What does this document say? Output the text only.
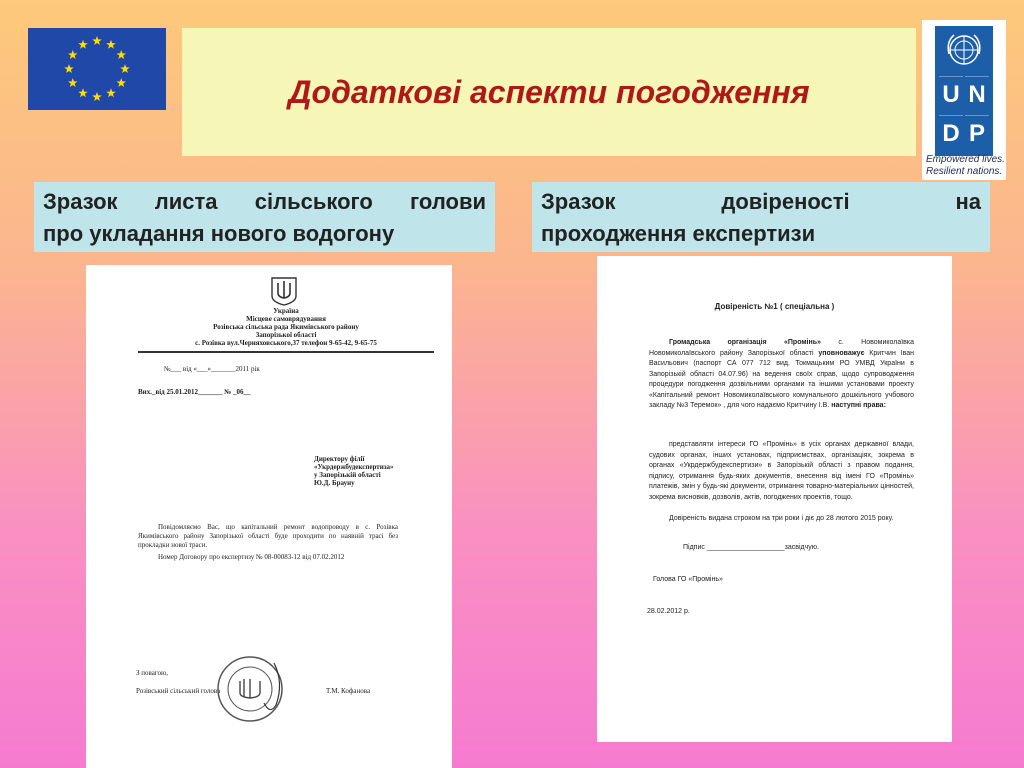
Додаткові аспекти погодження	U N
D P
Empowered lives.
Resilient nations.
Зразок листа сільського голови
про укладання нового водогону
Зразок довіреності на
проходження експертизи

Україна

Місцеве самоврядування

Розівська сільська рада Якимівського району

Запорізької області

с. Розівка вул.Черняховського,37 телефон 9-65-42, 9-65-75

№___ від «___»_______2011 рік

Вих._від 25.01.2012_______ № _06__

Директору філії

«Укрдержбудекспертиза»

у Запорізькій області

Ю.Д. Брауну

Повідомляємо Вас, що капітальний ремонт водопроводу в с. Розівка Якимівського району Запорізької області буде проходити по наявній трасі без прокладки нової траси.

Номер Договору про експертизу № 08-00083-12 від 07.02.2012

З повагою,

Розівський сільський голова	Т.М. Кофанова

Довіреність №1 ( спеціальна )

Громадська організація «Промінь» с. Новомиколаївка Новомиколаївського району Запорізької області уповноважує Критчин Іван Васильович (паспорт СА 077 712 вид. Токмацьким РО УМВД України в Запорізькій області 04.07.96) на ведення своїх справ, щодо супроводження процедури погодження дозвільними органами та іншими установами проекту «Капітальний ремонт Новомиколаївського комунального дошкільного учбового закладу №3 Теремок» , для чого надаємо Критчину І.В. наступні права:

представляти інтереси ГО «Промінь» в усіх органах державної влади, судових органах, інших установах, підприємствах, організаціях, зокрема в органах «Укрдержбудекспертизи» в Запорізькій області з правом подання, підпису, отримання будь-яких документів, внесення від імені ГО «Промінь» платежів, змін у будь-які документи, отримання товарно-матеріальних цінностей, зокрема висновків, дозволів, актів, погоджених проектів, тощо.

Довіреність видана строком на три роки і діє до 28 лютого 2015 року.

Підпис ____________________засвідчую.

Голова ГО «Промінь»

28.02.2012 р.
